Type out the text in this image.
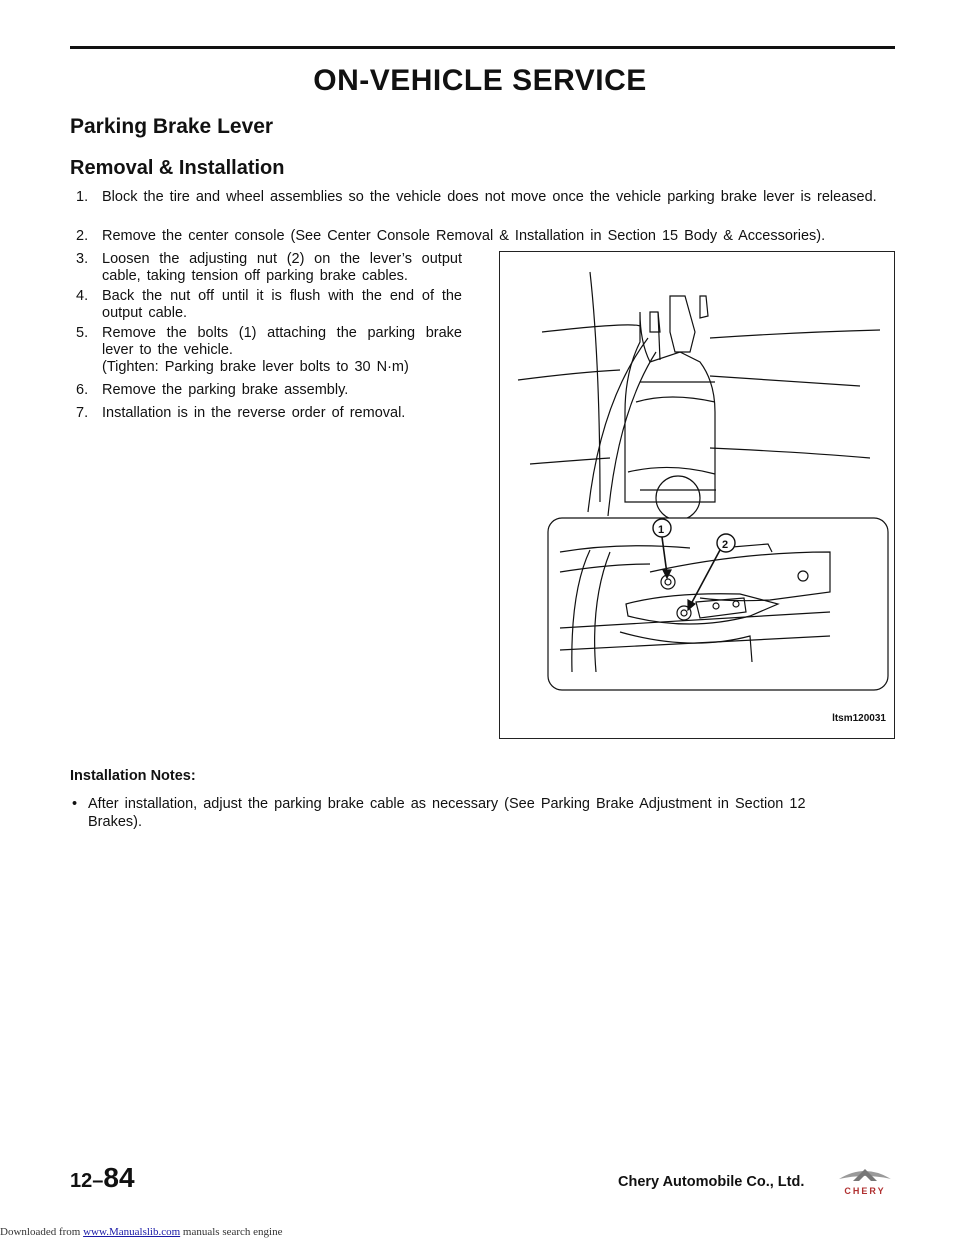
ON-VEHICLE SERVICE
Parking Brake Lever
Removal & Installation
1. Block the tire and wheel assemblies so the vehicle does not move once the vehicle parking brake lever is released.
2. Remove the center console (See Center Console Removal & Installation in Section 15 Body & Accessories).
3. Loosen the adjusting nut (2) on the lever’s output cable, taking tension off parking brake cables.
4. Back the nut off until it is flush with the end of the output cable.
5. Remove the bolts (1) attaching the parking brake lever to the vehicle.
(Tighten: Parking brake lever bolts to 30 N·m)
6. Remove the parking brake assembly.
7. Installation is in the reverse order of removal.
1
2
ltsm120031
Installation Notes:
• After installation, adjust the parking brake cable as necessary (See Parking Brake Adjustment in Section 12 Brakes).
12–84	Chery Automobile Co., Ltd.
CHERY
Downloaded from www.Manualslib.com manuals search engine
